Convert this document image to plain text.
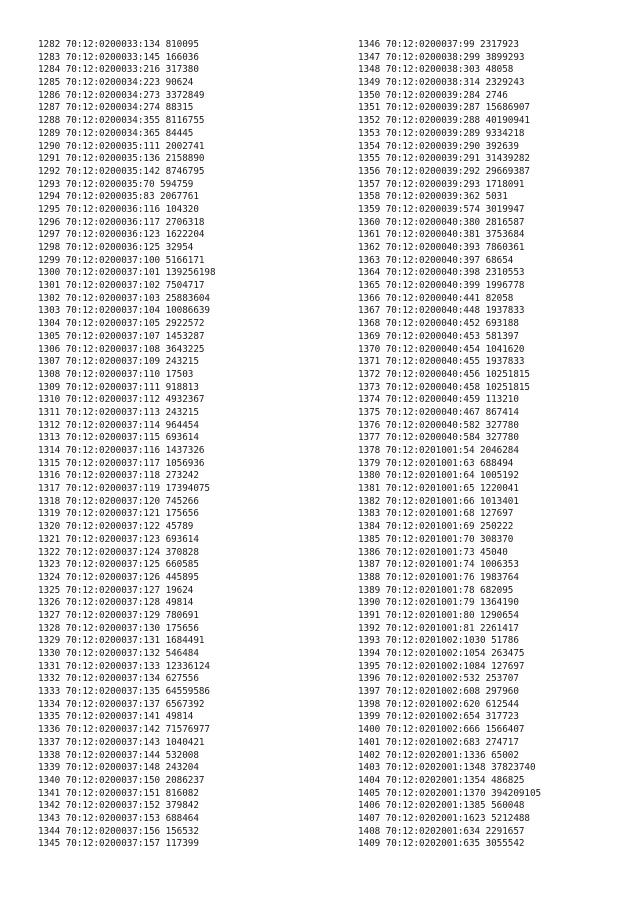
1282 70:12:0200033:134 810095
1283 70:12:0200033:145 166036
1284 70:12:0200033:216 317380
1285 70:12:0200034:223 90624
1286 70:12:0200034:273 3372849
1287 70:12:0200034:274 88315
1288 70:12:0200034:355 8116755
1289 70:12:0200034:365 84445
1290 70:12:0200035:111 2002741
1291 70:12:0200035:136 2158890
1292 70:12:0200035:142 8746795
1293 70:12:0200035:70 594759
1294 70:12:0200035:83 2067761
1295 70:12:0200036:116 104320
1296 70:12:0200036:117 2706318
1297 70:12:0200036:123 1622204
1298 70:12:0200036:125 32954
1299 70:12:0200037:100 5166171
1300 70:12:0200037:101 139256198
1301 70:12:0200037:102 7504717
1302 70:12:0200037:103 25883604
1303 70:12:0200037:104 10086639
1304 70:12:0200037:105 2922572
1305 70:12:0200037:107 1453287
1306 70:12:0200037:108 3643225
1307 70:12:0200037:109 243215
1308 70:12:0200037:110 17503
1309 70:12:0200037:111 918813
1310 70:12:0200037:112 4932367
1311 70:12:0200037:113 243215
1312 70:12:0200037:114 964454
1313 70:12:0200037:115 693614
1314 70:12:0200037:116 1437326
1315 70:12:0200037:117 1056936
1316 70:12:0200037:118 273242
1317 70:12:0200037:119 17394075
1318 70:12:0200037:120 745266
1319 70:12:0200037:121 175656
1320 70:12:0200037:122 45789
1321 70:12:0200037:123 693614
1322 70:12:0200037:124 370828
1323 70:12:0200037:125 660585
1324 70:12:0200037:126 445895
1325 70:12:0200037:127 19624
1326 70:12:0200037:128 49814
1327 70:12:0200037:129 780691
1328 70:12:0200037:130 175656
1329 70:12:0200037:131 1684491
1330 70:12:0200037:132 546484
1331 70:12:0200037:133 12336124
1332 70:12:0200037:134 627556
1333 70:12:0200037:135 64559586
1334 70:12:0200037:137 6567392
1335 70:12:0200037:141 49814
1336 70:12:0200037:142 71576977
1337 70:12:0200037:143 1040421
1338 70:12:0200037:144 532008
1339 70:12:0200037:148 243204
1340 70:12:0200037:150 2086237
1341 70:12:0200037:151 816082
1342 70:12:0200037:152 379842
1343 70:12:0200037:153 688464
1344 70:12:0200037:156 156532
1345 70:12:0200037:157 117399
1346 70:12:0200037:99 2317923
1347 70:12:0200038:299 3899293
1348 70:12:0200038:303 48058
1349 70:12:0200038:314 2329243
1350 70:12:0200039:284 2746
1351 70:12:0200039:287 15686907
1352 70:12:0200039:288 40190941
1353 70:12:0200039:289 9334218
1354 70:12:0200039:290 392639
1355 70:12:0200039:291 31439282
1356 70:12:0200039:292 29669387
1357 70:12:0200039:293 1718091
1358 70:12:0200039:362 5031
1359 70:12:0200039:574 3019947
1360 70:12:0200040:380 2816587
1361 70:12:0200040:381 3753684
1362 70:12:0200040:393 7860361
1363 70:12:0200040:397 68654
1364 70:12:0200040:398 2310553
1365 70:12:0200040:399 1996778
1366 70:12:0200040:441 82058
1367 70:12:0200040:448 1937833
1368 70:12:0200040:452 693188
1369 70:12:0200040:453 581397
1370 70:12:0200040:454 1041620
1371 70:12:0200040:455 1937833
1372 70:12:0200040:456 10251815
1373 70:12:0200040:458 10251815
1374 70:12:0200040:459 113210
1375 70:12:0200040:467 867414
1376 70:12:0200040:582 327780
1377 70:12:0200040:584 327780
1378 70:12:0201001:54 2046284
1379 70:12:0201001:63 688494
1380 70:12:0201001:64 1005192
1381 70:12:0201001:65 1220041
1382 70:12:0201001:66 1013401
1383 70:12:0201001:68 127697
1384 70:12:0201001:69 250222
1385 70:12:0201001:70 308370
1386 70:12:0201001:73 45040
1387 70:12:0201001:74 1006353
1388 70:12:0201001:76 1983764
1389 70:12:0201001:78 682095
1390 70:12:0201001:79 1364190
1391 70:12:0201001:80 1290654
1392 70:12:0201001:81 2261417
1393 70:12:0201002:1030 51786
1394 70:12:0201002:1054 263475
1395 70:12:0201002:1084 127697
1396 70:12:0201002:532 253707
1397 70:12:0201002:608 297960
1398 70:12:0201002:620 612544
1399 70:12:0201002:654 317723
1400 70:12:0201002:666 1566407
1401 70:12:0201002:683 274717
1402 70:12:0202001:1336 65002
1403 70:12:0202001:1348 37823740
1404 70:12:0202001:1354 486825
1405 70:12:0202001:1370 394209105
1406 70:12:0202001:1385 560048
1407 70:12:0202001:1623 5212488
1408 70:12:0202001:634 2291657
1409 70:12:0202001:635 3055542
